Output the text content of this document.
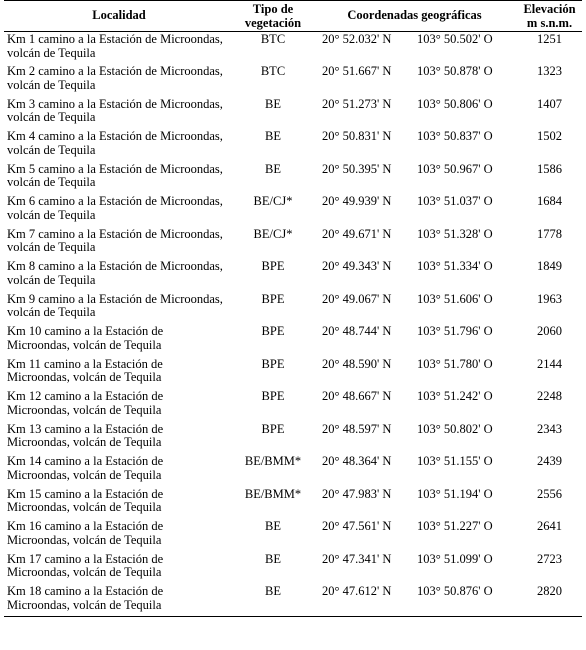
Localidad	Tipo de
vegetación	Coordenadas geográficas	Elevación
m s.n.m.
Km 1 camino a la Estación de Microondas,
volcán de Tequila	BTC	20° 52.032' N 103° 50.502' O	1251
Km 2 camino a la Estación de Microondas,
volcán de Tequila	BTC	20° 51.667' N 103° 50.878' O	1323
Km 3 camino a la Estación de Microondas,
volcán de Tequila	BE	20° 51.273' N 103° 50.806' O	1407
Km 4 camino a la Estación de Microondas,
volcán de Tequila	BE	20° 50.831' N 103° 50.837' O	1502
Km 5 camino a la Estación de Microondas,
volcán de Tequila	BE	20° 50.395' N 103° 50.967' O	1586
Km 6 camino a la Estación de Microondas,
volcán de Tequila	BE/CJ*	20° 49.939' N 103° 51.037' O	1684
Km 7 camino a la Estación de Microondas,
volcán de Tequila	BE/CJ*	20° 49.671' N 103° 51.328' O	1778
Km 8 camino a la Estación de Microondas,
volcán de Tequila	BPE	20° 49.343' N 103° 51.334' O	1849
Km 9 camino a la Estación de Microondas,
volcán de Tequila	BPE	20° 49.067' N 103° 51.606' O	1963
Km 10 camino a la Estación de
Microondas, volcán de Tequila	BPE	20° 48.744' N 103° 51.796' O	2060
Km 11 camino a la Estación de
Microondas, volcán de Tequila	BPE	20° 48.590' N 103° 51.780' O	2144
Km 12 camino a la Estación de
Microondas, volcán de Tequila	BPE	20° 48.667' N 103° 51.242' O	2248
Km 13 camino a la Estación de
Microondas, volcán de Tequila	BPE	20° 48.597' N 103° 50.802' O	2343
Km 14 camino a la Estación de
Microondas, volcán de Tequila	BE/BMM*	20° 48.364' N 103° 51.155' O	2439
Km 15 camino a la Estación de
Microondas, volcán de Tequila	BE/BMM*	20° 47.983' N 103° 51.194' O	2556
Km 16 camino a la Estación de
Microondas, volcán de Tequila	BE	20° 47.561' N 103° 51.227' O	2641
Km 17 camino a la Estación de
Microondas, volcán de Tequila	BE	20° 47.341' N 103° 51.099' O	2723
Km 18 camino a la Estación de
Microondas, volcán de Tequila	BE	20° 47.612' N 103° 50.876' O	2820
